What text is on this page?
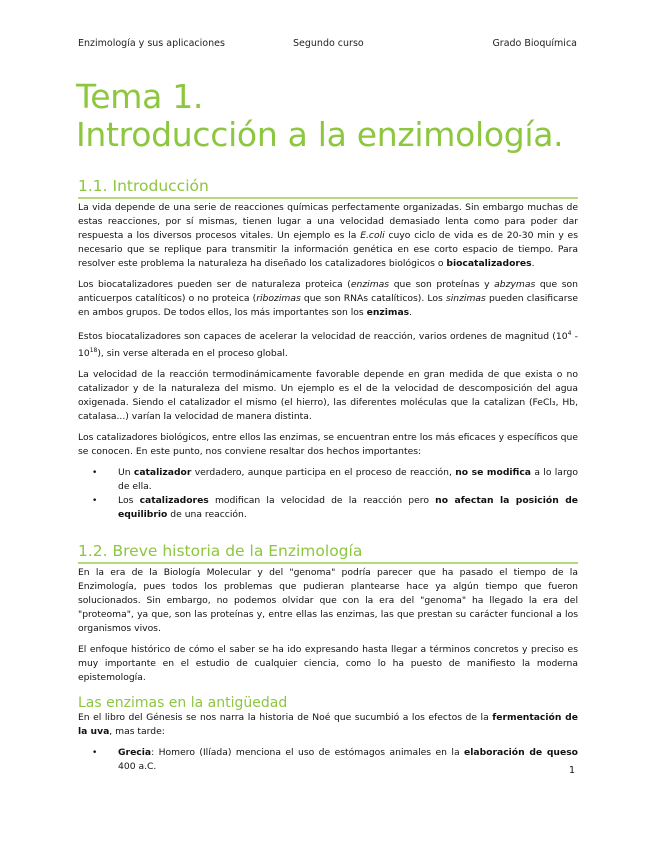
Enzimología y sus aplicaciones	Segundo curso	Grado Bioquímica
Tema 1.
Introducción a la enzimología.
1.1. Introducción

La vida depende de una serie de reacciones químicas perfectamente organizadas. Sin embargo muchas de estas reacciones, por sí mismas, tienen lugar a una velocidad demasiado lenta como para poder dar respuesta a los diversos procesos vitales. Un ejemplo es la E.coli cuyo ciclo de vida es de 20-30 min y es necesario que se replique para transmitir la información genética en ese corto espacio de tiempo. Para resolver este problema la naturaleza ha diseñado los catalizadores biológicos o biocatalizadores.

Los biocatalizadores pueden ser de naturaleza proteica (enzimas que son proteínas y abzymas que son anticuerpos catalíticos) o no proteica (ribozimas que son RNAs catalíticos). Los sinzimas pueden clasificarse en ambos grupos. De todos ellos, los más importantes son los enzimas.

Estos biocatalizadores son capaces de acelerar la velocidad de reacción, varios ordenes de magnitud $(10^4 - 10^{18})$, sin verse alterada en el proceso global.

La velocidad de la reacción termodinámicamente favorable depende en gran medida de que exista o no catalizador y de la naturaleza del mismo. Un ejemplo es el de la velocidad de descomposición del agua oxigenada. Siendo el catalizador el mismo (el hierro), las diferentes moléculas que la catalizan (FeCl₃, Hb, catalasa...) varían la velocidad de manera distinta.

Los catalizadores biológicos, entre ellos las enzimas, se encuentran entre los más eficaces y específicos que se conocen. En este punto, nos conviene resaltar dos hechos importantes:

• Un catalizador verdadero, aunque participa en el proceso de reacción, no se modifica a lo largo de ella.
• Los catalizadores modifican la velocidad de la reacción pero no afectan la posición de equilibrio de una reacción.
1.2. Breve historia de la Enzimología

En la era de la Biología Molecular y del "genoma" podría parecer que ha pasado el tiempo de la Enzimología, pues todos los problemas que pudieran plantearse hace ya algún tiempo que fueron solucionados. Sin embargo, no podemos olvidar que con la era del "genoma" ha llegado la era del "proteoma", ya que, son las proteínas y, entre ellas las enzimas, las que prestan su carácter funcional a los organismos vivos.

El enfoque histórico de cómo el saber se ha ido expresando hasta llegar a términos concretos y preciso es muy importante en el estudio de cualquier ciencia, como lo ha puesto de manifiesto la moderna epistemología.

Las enzimas en la antigüedad

En el libro del Génesis se nos narra la historia de Noé que sucumbió a los efectos de la fermentación de la uva, mas tarde:

• Grecia: Homero (Ilíada) menciona el uso de estómagos animales en la elaboración de queso 400 a.C.	1
